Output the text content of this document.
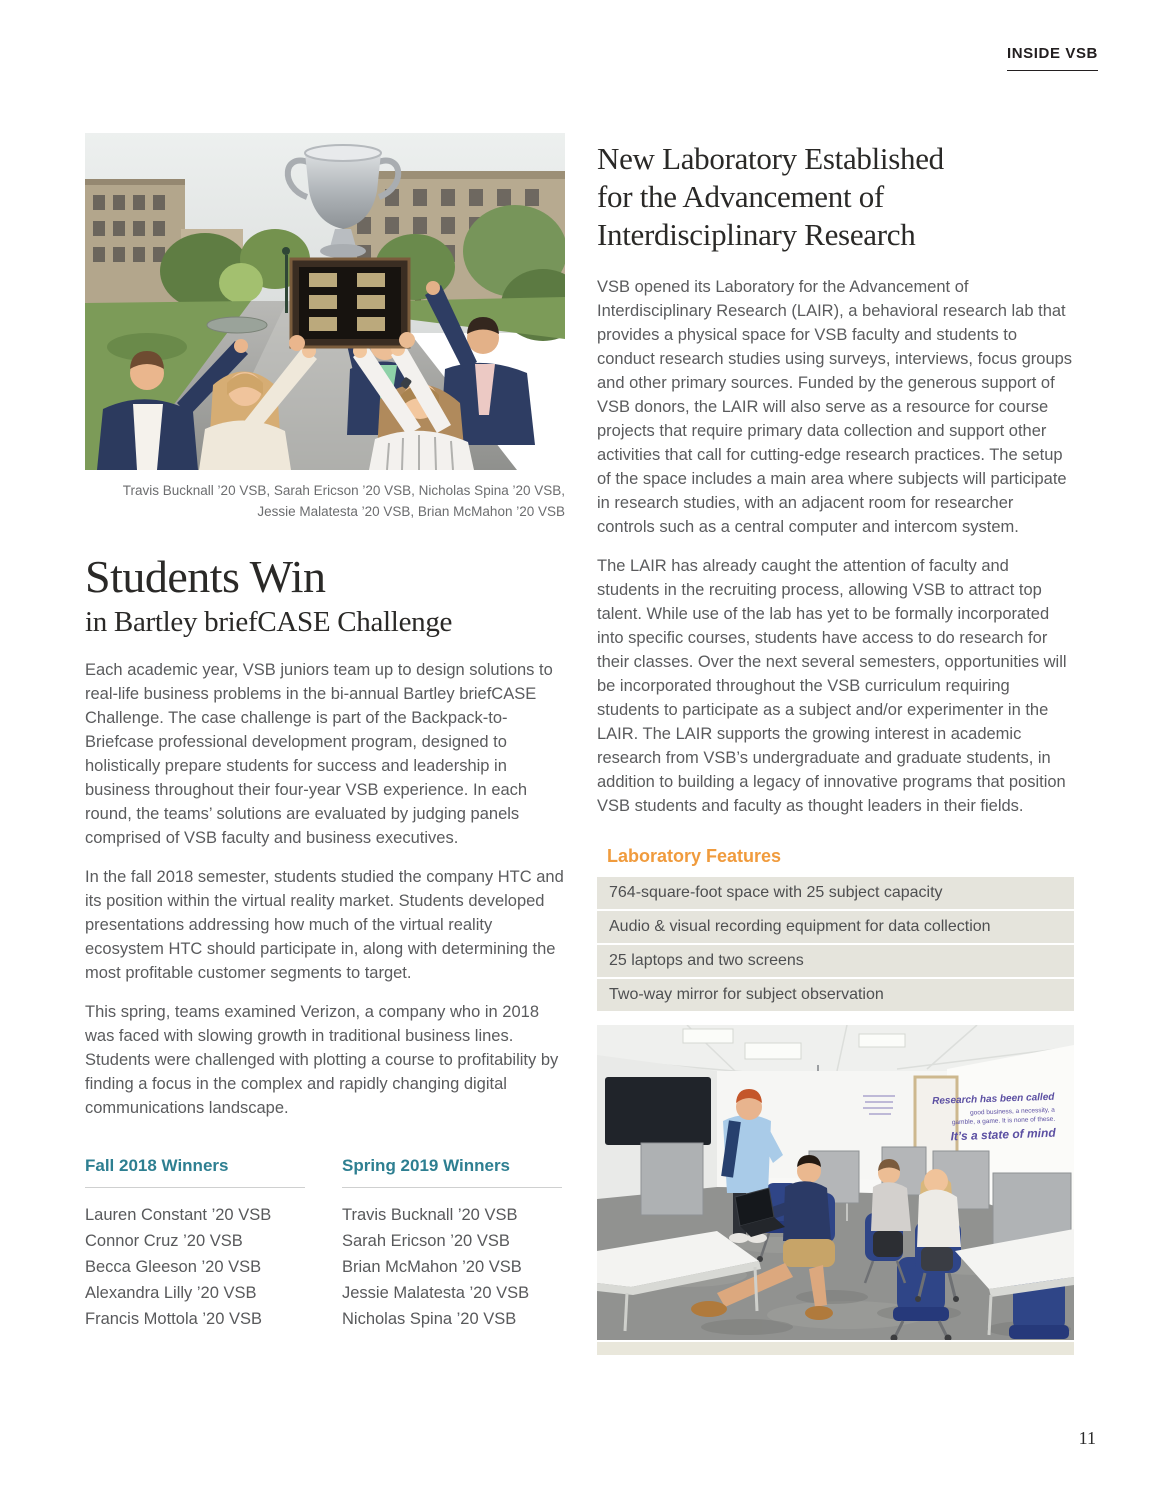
INSIDE VSB
Travis Bucknall ’20 VSB, Sarah Ericson ’20 VSB, Nicholas Spina ’20 VSB, Jessie Malatesta ’20 VSB, Brian McMahon ’20 VSB
Students Win
in Bartley briefCASE Challenge

Each academic year, VSB juniors team up to design solutions to real-life business problems in the bi-annual Bartley briefCASE Challenge. The case challenge is part of the Backpack-to-Briefcase professional development program, designed to holistically prepare students for success and leadership in business throughout their four-year VSB experience. In each round, the teams’ solutions are evaluated by judging panels comprised of VSB faculty and business executives.

In the fall 2018 semester, students studied the company HTC and its position within the virtual reality market. Students developed presentations addressing how much of the virtual reality ecosystem HTC should participate in, along with determining the most profitable customer segments to target.

This spring, teams examined Verizon, a company who in 2018 was faced with slowing growth in traditional business lines. Students were challenged with plotting a course to profitability by finding a focus in the complex and rapidly changing digital communications landscape.

Fall 2018 Winners
Lauren Constant ’20 VSB
Connor Cruz ’20 VSB
Becca Gleeson ’20 VSB
Alexandra Lilly ’20 VSB
Francis Mottola ’20 VSB
Spring 2019 Winners
Travis Bucknall ’20 VSB
Sarah Ericson ’20 VSB
Brian McMahon ’20 VSB
Jessie Malatesta ’20 VSB
Nicholas Spina ’20 VSB
New Laboratory Established
for the Advancement of
Interdisciplinary Research

VSB opened its Laboratory for the Advancement of Interdisciplinary Research (LAIR), a behavioral research lab that provides a physical space for VSB faculty and students to conduct research studies using surveys, interviews, focus groups and other primary sources. Funded by the generous support of VSB donors, the LAIR will also serve as a resource for course projects that require primary data collection and support other activities that call for cutting-edge research practices. The setup of the space includes a main area where subjects will participate in research studies, with an adjacent room for researcher controls such as a central computer and intercom system.

The LAIR has already caught the attention of faculty and students in the recruiting process, allowing VSB to attract top talent. While use of the lab has yet to be formally incorporated into specific courses, students have access to do research for their classes. Over the next several semesters, opportunities will be incorporated throughout the VSB curriculum requiring students to participate as a subject and/or experimenter in the LAIR. The LAIR supports the growing interest in academic research from VSB’s undergraduate and graduate students, in addition to building a legacy of innovative programs that position VSB students and faculty as thought leaders in their fields.

Laboratory Features
764-square-foot space with 25 subject capacity
Audio & visual recording equipment for data collection
25 laptops and two screens
Two-way mirror for subject observation
Research has been called
good business, a necessity, a
gamble, a game. It is none of these.
It’s a state of mind
11
